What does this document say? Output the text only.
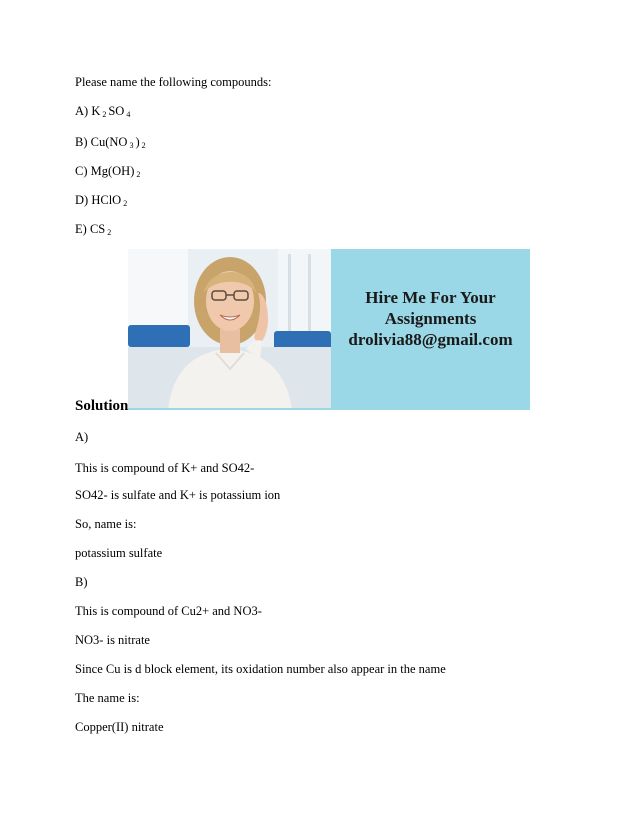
Please name the following compounds:
A) K $_2$ SO $_4$
B) Cu(NO $_3$ ) $_2$
C) Mg(OH) $_2$
D) HClO $_2$
E) CS $_2$
Hire Me For Your
Assignments
drolivia88@gmail.com
Solution
A)
This is compound of K+ and SO42-
SO42- is sulfate and K+ is potassium ion
So, name is:
potassium sulfate
B)
This is compound of Cu2+ and NO3-
NO3- is nitrate
Since Cu is d block element, its oxidation number also appear in the name
The name is:
Copper(II) nitrate
